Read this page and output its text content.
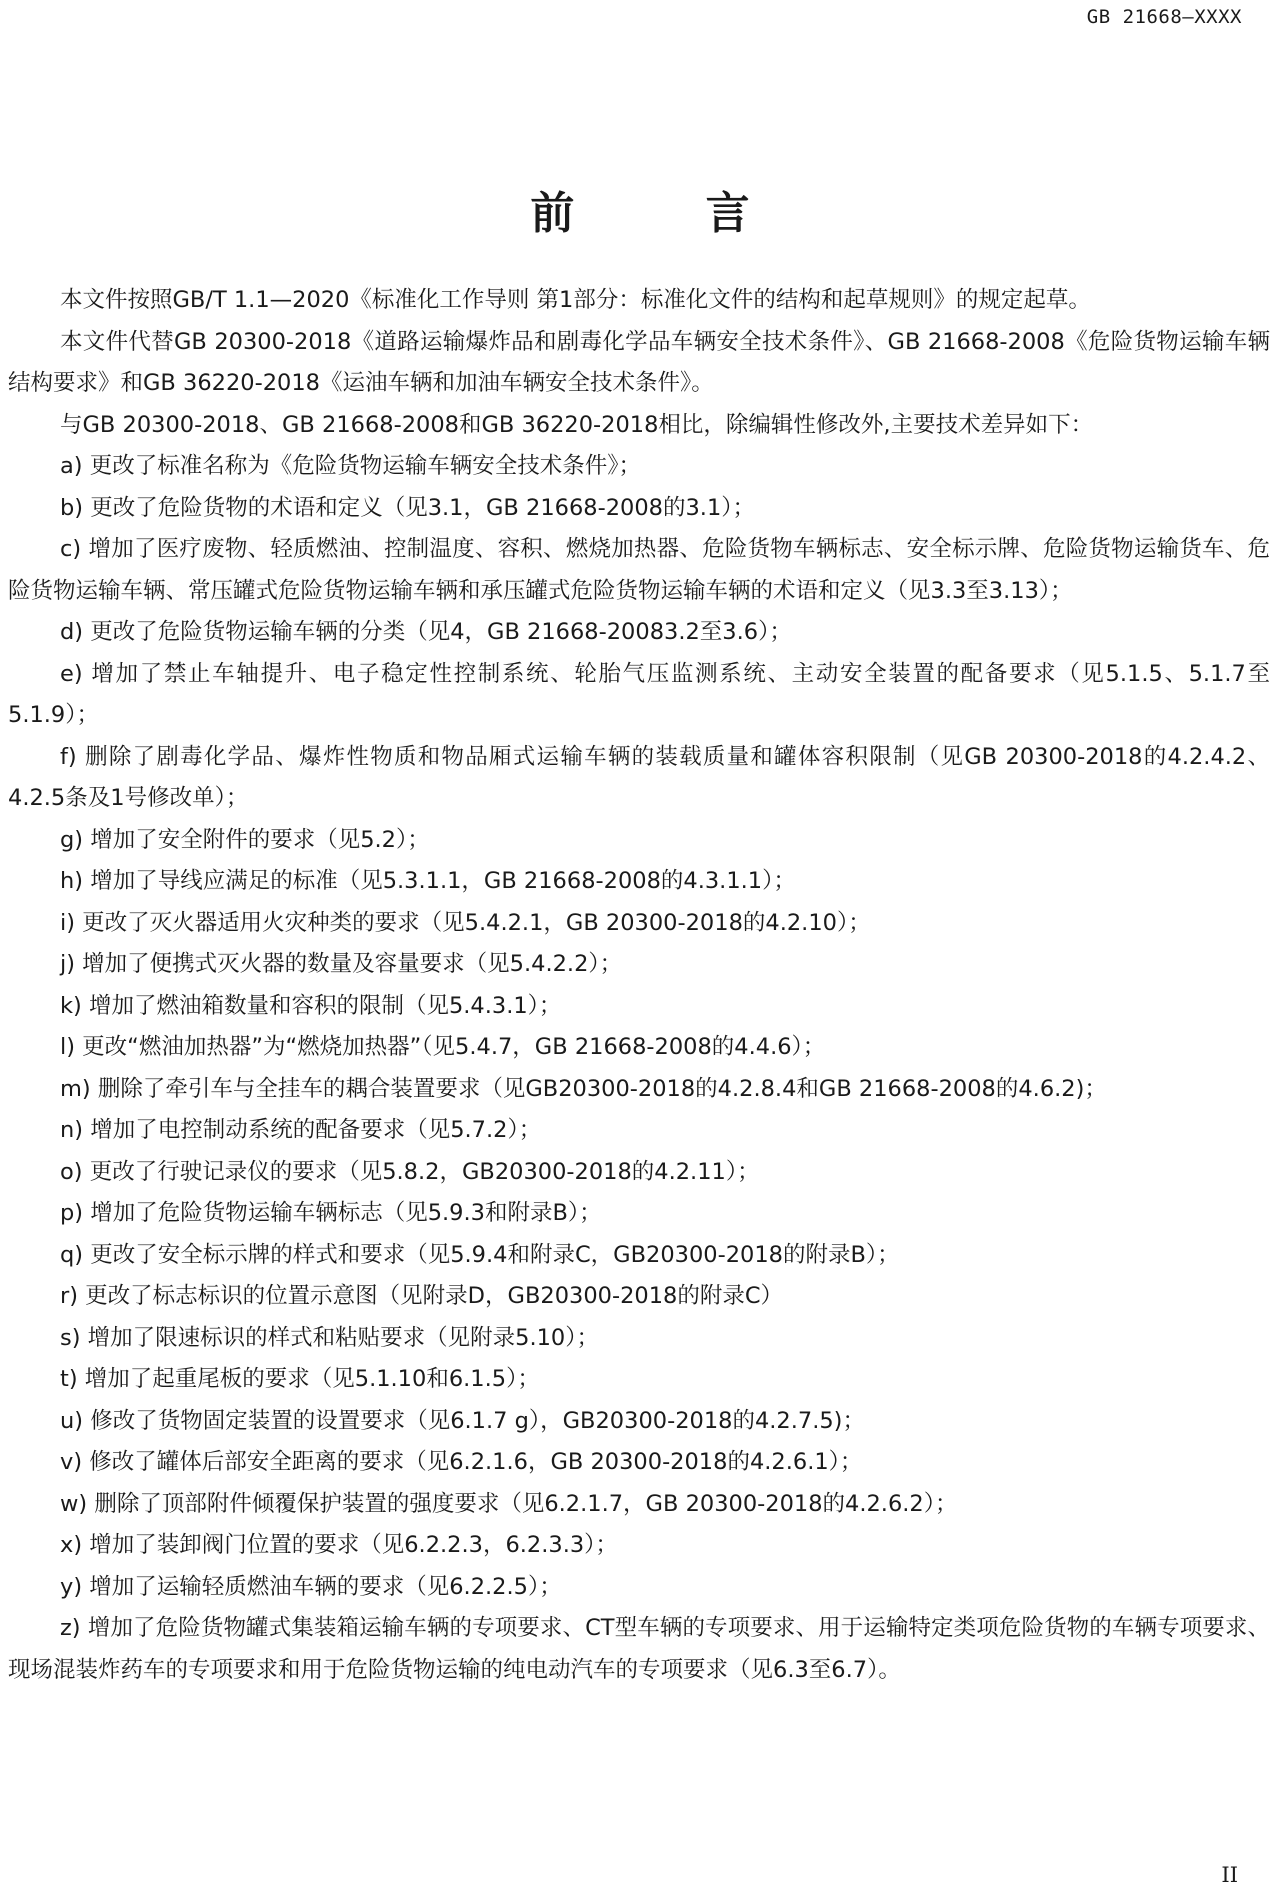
GB 21668—XXXX
前 言

本文件按照GB/T 1.1—2020《标准化工作导则 第1部分：标准化文件的结构和起草规则》的规定起草。

本文件代替GB 20300-2018《道路运输爆炸品和剧毒化学品车辆安全技术条件》、GB 21668-2008《危险货物运输车辆结构要求》和GB 36220-2018《运油车辆和加油车辆安全技术条件》。

与GB 20300-2018、GB 21668-2008和GB 36220-2018相比，除编辑性修改外,主要技术差异如下：

a) 更改了标准名称为《危险货物运输车辆安全技术条件》；

b) 更改了危险货物的术语和定义（见3.1，GB 21668-2008的3.1）；

c) 增加了医疗废物、轻质燃油、控制温度、容积、燃烧加热器、危险货物车辆标志、安全标示牌、危险货物运输货车、危险货物运输车辆、常压罐式危险货物运输车辆和承压罐式危险货物运输车辆的术语和定义（见3.3至3.13）；

d) 更改了危险货物运输车辆的分类（见4，GB 21668-20083.2至3.6）；

e) 增加了禁止车轴提升、电子稳定性控制系统、轮胎气压监测系统、主动安全装置的配备要求（见5.1.5、5.1.7至5.1.9）；

f) 删除了剧毒化学品、爆炸性物质和物品厢式运输车辆的装载质量和罐体容积限制（见GB 20300-2018的4.2.4.2、4.2.5条及1号修改单）；

g) 增加了安全附件的要求（见5.2）；

h) 增加了导线应满足的标准（见5.3.1.1，GB 21668-2008的4.3.1.1）；

i) 更改了灭火器适用火灾种类的要求（见5.4.2.1，GB 20300-2018的4.2.10）；

j) 增加了便携式灭火器的数量及容量要求（见5.4.2.2）；

k) 增加了燃油箱数量和容积的限制（见5.4.3.1）；

l) 更改“燃油加热器”为“燃烧加热器”（见5.4.7，GB 21668-2008的4.4.6）；

m) 删除了牵引车与全挂车的耦合装置要求（见GB20300-2018的4.2.8.4和GB 21668-2008的4.6.2)；

n) 增加了电控制动系统的配备要求（见5.7.2）；

o) 更改了行驶记录仪的要求（见5.8.2，GB20300-2018的4.2.11）；

p) 增加了危险货物运输车辆标志（见5.9.3和附录B）；

q) 更改了安全标示牌的样式和要求（见5.9.4和附录C，GB20300-2018的附录B）；

r) 更改了标志标识的位置示意图（见附录D，GB20300-2018的附录C）

s) 增加了限速标识的样式和粘贴要求（见附录5.10）；

t) 增加了起重尾板的要求（见5.1.10和6.1.5）；

u) 修改了货物固定装置的设置要求（见6.1.7 g），GB20300-2018的4.2.7.5)；

v) 修改了罐体后部安全距离的要求（见6.2.1.6，GB 20300-2018的4.2.6.1）；

w) 删除了顶部附件倾覆保护装置的强度要求（见6.2.1.7，GB 20300-2018的4.2.6.2）；

x) 增加了装卸阀门位置的要求（见6.2.2.3，6.2.3.3）；

y) 增加了运输轻质燃油车辆的要求（见6.2.2.5）；

z) 增加了危险货物罐式集装箱运输车辆的专项要求、CT型车辆的专项要求、用于运输特定类项危险货物的车辆专项要求、现场混装炸药车的专项要求和用于危险货物运输的纯电动汽车的专项要求（见6.3至6.7）。

II
